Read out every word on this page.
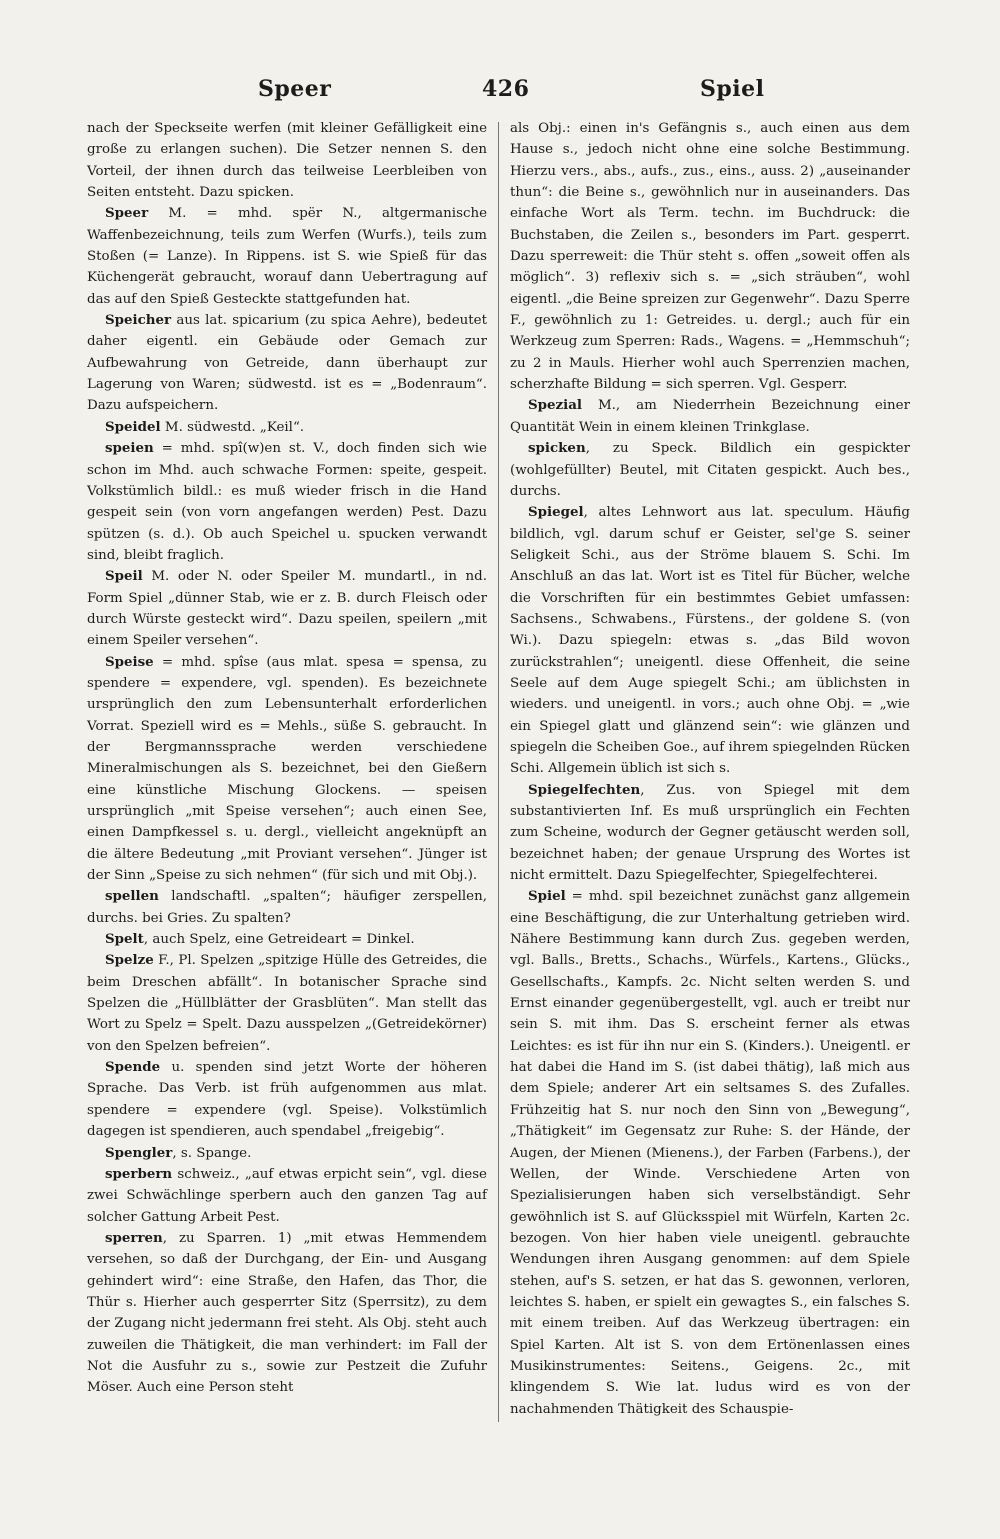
Speer	426	Spiel

nach der Speckseite werfen (mit kleiner Gefälligkeit eine große zu erlangen suchen). Die Setzer nennen S. den Vorteil, der ihnen durch das teilweise Leerbleiben von Seiten entsteht. Dazu spicken.

Speer M. = mhd. spër N., altgermanische Waffenbezeichnung, teils zum Werfen (Wurfs.), teils zum Stoßen (= Lanze). In Rippens. ist S. wie Spieß für das Küchengerät gebraucht, worauf dann Uebertragung auf das auf den Spieß Gesteckte stattgefunden hat.

Speicher aus lat. spicarium (zu spica Aehre), bedeutet daher eigentl. ein Gebäude oder Gemach zur Aufbewahrung von Getreide, dann überhaupt zur Lagerung von Waren; südwestd. ist es = „Bodenraum“. Dazu aufspeichern.

Speidel M. südwestd. „Keil“.

speien = mhd. spî(w)en st. V., doch finden sich wie schon im Mhd. auch schwache Formen: speite, gespeit. Volkstümlich bildl.: es muß wieder frisch in die Hand gespeit sein (von vorn angefangen werden) Pest. Dazu spützen (s. d.). Ob auch Speichel u. spucken verwandt sind, bleibt fraglich.

Speil M. oder N. oder Speiler M. mundartl., in nd. Form Spiel „dünner Stab, wie er z. B. durch Fleisch oder durch Würste gesteckt wird“. Dazu speilen, speilern „mit einem Speiler versehen“.

Speise = mhd. spîse (aus mlat. spesa = spensa, zu spendere = expendere, vgl. spenden). Es bezeichnete ursprünglich den zum Lebensunterhalt erforderlichen Vorrat. Speziell wird es = Mehls., süße S. gebraucht. In der Bergmannssprache werden verschiedene Mineralmischungen als S. bezeichnet, bei den Gießern eine künstliche Mischung Glockens. — speisen ursprünglich „mit Speise versehen“; auch einen See, einen Dampfkessel s. u. dergl., vielleicht angeknüpft an die ältere Bedeutung „mit Proviant versehen“. Jünger ist der Sinn „Speise zu sich nehmen“ (für sich und mit Obj.).

spellen landschaftl. „spalten“; häufiger zerspellen, durchs. bei Gries. Zu spalten?

Spelt, auch Spelz, eine Getreideart = Dinkel.

Spelze F., Pl. Spelzen „spitzige Hülle des Getreides, die beim Dreschen abfällt“. In botanischer Sprache sind Spelzen die „Hüllblätter der Grasblüten“. Man stellt das Wort zu Spelz = Spelt. Dazu ausspelzen „(Getreidekörner) von den Spelzen befreien“.

Spende u. spenden sind jetzt Worte der höheren Sprache. Das Verb. ist früh aufgenommen aus mlat. spendere = expendere (vgl. Speise). Volkstümlich dagegen ist spendieren, auch spendabel „freigebig“.

Spengler, s. Spange.

sperbern schweiz., „auf etwas erpicht sein“, vgl. diese zwei Schwächlinge sperbern auch den ganzen Tag auf solcher Gattung Arbeit Pest.

sperren, zu Sparren. 1) „mit etwas Hemmendem versehen, so daß der Durchgang, der Ein- und Ausgang gehindert wird“: eine Straße, den Hafen, das Thor, die Thür s. Hierher auch gesperrter Sitz (Sperrsitz), zu dem der Zugang nicht jedermann frei steht. Als Obj. steht auch zuweilen die Thätigkeit, die man verhindert: im Fall der Not die Ausfuhr zu s., sowie zur Pestzeit die Zufuhr Möser. Auch eine Person steht

als Obj.: einen in's Gefängnis s., auch einen aus dem Hause s., jedoch nicht ohne eine solche Bestimmung. Hierzu vers., abs., aufs., zus., eins., auss. 2) „auseinander thun“: die Beine s., gewöhnlich nur in auseinanders. Das einfache Wort als Term. techn. im Buchdruck: die Buchstaben, die Zeilen s., besonders im Part. gesperrt. Dazu sperreweit: die Thür steht s. offen „soweit offen als möglich“. 3) reflexiv sich s. = „sich sträuben“, wohl eigentl. „die Beine spreizen zur Gegenwehr“. Dazu Sperre F., gewöhnlich zu 1: Getreides. u. dergl.; auch für ein Werkzeug zum Sperren: Rads., Wagens. = „Hemmschuh“; zu 2 in Mauls. Hierher wohl auch Sperrenzien machen, scherzhafte Bildung = sich sperren. Vgl. Gesperr.

Spezial M., am Niederrhein Bezeichnung einer Quantität Wein in einem kleinen Trinkglase.

spicken, zu Speck. Bildlich ein gespickter (wohlgefüllter) Beutel, mit Citaten gespickt. Auch bes., durchs.

Spiegel, altes Lehnwort aus lat. speculum. Häufig bildlich, vgl. darum schuf er Geister, sel'ge S. seiner Seligkeit Schi., aus der Ströme blauem S. Schi. Im Anschluß an das lat. Wort ist es Titel für Bücher, welche die Vorschriften für ein bestimmtes Gebiet umfassen: Sachsens., Schwabens., Fürstens., der goldene S. (von Wi.). Dazu spiegeln: etwas s. „das Bild wovon zurückstrahlen“; uneigentl. diese Offenheit, die seine Seele auf dem Auge spiegelt Schi.; am üblichsten in wieders. und uneigentl. in vors.; auch ohne Obj. = „wie ein Spiegel glatt und glänzend sein“: wie glänzen und spiegeln die Scheiben Goe., auf ihrem spiegelnden Rücken Schi. Allgemein üblich ist sich s.

Spiegelfechten, Zus. von Spiegel mit dem substantivierten Inf. Es muß ursprünglich ein Fechten zum Scheine, wodurch der Gegner getäuscht werden soll, bezeichnet haben; der genaue Ursprung des Wortes ist nicht ermittelt. Dazu Spiegelfechter, Spiegelfechterei.

Spiel = mhd. spil bezeichnet zunächst ganz allgemein eine Beschäftigung, die zur Unterhaltung getrieben wird. Nähere Bestimmung kann durch Zus. gegeben werden, vgl. Balls., Bretts., Schachs., Würfels., Kartens., Glücks., Gesellschafts., Kampfs. 2c. Nicht selten werden S. und Ernst einander gegenübergestellt, vgl. auch er treibt nur sein S. mit ihm. Das S. erscheint ferner als etwas Leichtes: es ist für ihn nur ein S. (Kinders.). Uneigentl. er hat dabei die Hand im S. (ist dabei thätig), laß mich aus dem Spiele; anderer Art ein seltsames S. des Zufalles. Frühzeitig hat S. nur noch den Sinn von „Bewegung“, „Thätigkeit“ im Gegensatz zur Ruhe: S. der Hände, der Augen, der Mienen (Mienens.), der Farben (Farbens.), der Wellen, der Winde. Verschiedene Arten von Spezialisierungen haben sich verselbständigt. Sehr gewöhnlich ist S. auf Glücksspiel mit Würfeln, Karten 2c. bezogen. Von hier haben viele uneigentl. gebrauchte Wendungen ihren Ausgang genommen: auf dem Spiele stehen, auf's S. setzen, er hat das S. gewonnen, verloren, leichtes S. haben, er spielt ein gewagtes S., ein falsches S. mit einem treiben. Auf das Werkzeug übertragen: ein Spiel Karten. Alt ist S. von dem Ertönenlassen eines Musikinstrumentes: Seitens., Geigens. 2c., mit klingendem S. Wie lat. ludus wird es von der nachahmenden Thätigkeit des Schauspie-
